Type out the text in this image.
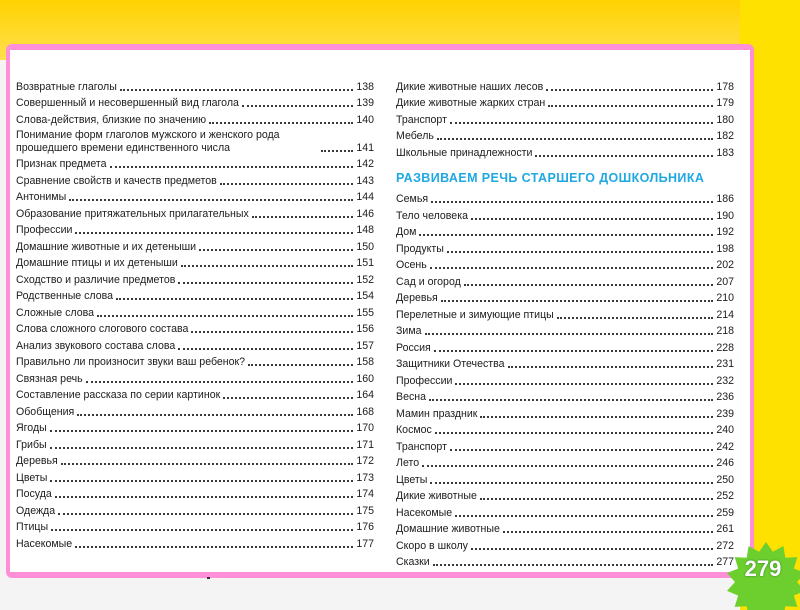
Возвратные глаголы	138
Совершенный и несовершенный вид глагола	139
Слова-действия, близкие по значению	140
Понимание форм глаголов мужского и женского рода прошедшего времени единственного числа	141
Признак предмета	142
Сравнение свойств и качеств предметов	143
Антонимы	144
Образование притяжательных прилагательных	146
Профессии	148
Домашние животные и их детеныши	150
Домашние птицы и их детеныши	151
Сходство и различие предметов	152
Родственные слова	154
Сложные слова	155
Слова сложного слогового состава	156
Анализ звукового состава слова	157
Правильно ли произносит звуки ваш ребенок?	158
Связная речь	160
Составление рассказа по серии картинок	164
Обобщения	168
Ягоды	170
Грибы	171
Деревья	172
Цветы	173
Посуда	174
Одежда	175
Птицы	176
Насекомые	177
Дикие животные наших лесов	178
Дикие животные жарких стран	179
Транспорт	180
Мебель	182
Школьные принадлежности	183
РАЗВИВАЕМ РЕЧЬ СТАРШЕГО ДОШКОЛЬНИКА
Семья	186
Тело человека	190
Дом	192
Продукты	198
Осень	202
Сад и огород	207
Деревья	210
Перелетные и зимующие птицы	214
Зима	218
Россия	228
Защитники Отечества	231
Профессии	232
Весна	236
Мамин праздник	239
Космос	240
Транспорт	242
Лето	246
Цветы	250
Дикие животные	252
Насекомые	259
Домашние животные	261
Скоро в школу	272
Сказки	277 279
